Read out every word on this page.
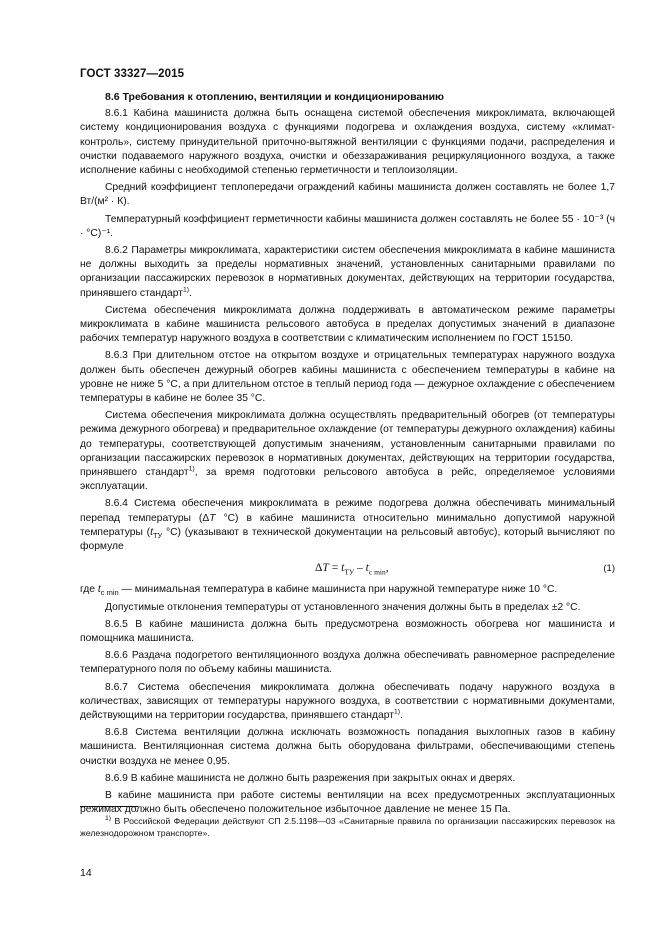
ГОСТ 33327—2015
8.6 Требования к отоплению, вентиляции и кондиционированию

8.6.1 Кабина машиниста должна быть оснащена системой обеспечения микроклимата, включающей систему кондиционирования воздуха с функциями подогрева и охлаждения воздуха, систему «климат-контроль», систему принудительной приточно-вытяжной вентиляции с функциями подачи, распределения и очистки подаваемого наружного воздуха, очистки и обеззараживания рециркуляционного воздуха, а также исполнение кабины с необходимой степенью герметичности и теплоизоляции.

Средний коэффициент теплопередачи ограждений кабины машиниста должен составлять не более 1,7 Вт/(м² · К).

Температурный коэффициент герметичности кабины машиниста должен составлять не более 55 · 10⁻³ (ч · °С)⁻¹.

8.6.2 Параметры микроклимата, характеристики систем обеспечения микроклимата в кабине машиниста не должны выходить за пределы нормативных значений, установленных санитарными правилами по организации пассажирских перевозок в нормативных документах, действующих на территории государства, принявшего стандарт$^{1)}$.

Система обеспечения микроклимата должна поддерживать в автоматическом режиме параметры микроклимата в кабине машиниста рельсового автобуса в пределах допустимых значений в диапазоне рабочих температур наружного воздуха в соответствии с климатическим исполнением по ГОСТ 15150.

8.6.3 При длительном отстое на открытом воздухе и отрицательных температурах наружного воздуха должен быть обеспечен дежурный обогрев кабины машиниста с обеспечением температуры в кабине на уровне не ниже 5 °С, а при длительном отстое в теплый период года — дежурное охлаждение с обеспечением температуры в кабине не более 35 °С.

Система обеспечения микроклимата должна осуществлять предварительный обогрев (от температуры режима дежурного обогрева) и предварительное охлаждение (от температуры дежурного охлаждения) кабины до температуры, соответствующей допустимым значениям, установленным санитарными правилами по организации пассажирских перевозок в нормативных документах, действующих на территории государства, принявшего стандарт$^{1)}$, за время подготовки рельсового автобуса в рейс, определяемое условиями эксплуатации.

8.6.4 Система обеспечения микроклимата в режиме подогрева должна обеспечивать минимальный перепад температуры (ΔT °С) в кабине машиниста относительно минимально допустимой наружной температуры ($t_{ТУ}$ °С) (указывают в технической документации на рельсовый автобус), который вычисляют по формуле

$\Delta T = t_{ТУ} - t_{с min}$,	(1)

где $t_{с min}$ — минимальная температура в кабине машиниста при наружной температуре ниже 10 °С.

Допустимые отклонения температуры от установленного значения должны быть в пределах ±2 °С.

8.6.5 В кабине машиниста должна быть предусмотрена возможность обогрева ног машиниста и помощника машиниста.

8.6.6 Раздача подогретого вентиляционного воздуха должна обеспечивать равномерное распределение температурного поля по объему кабины машиниста.

8.6.7 Система обеспечения микроклимата должна обеспечивать подачу наружного воздуха в количествах, зависящих от температуры наружного воздуха, в соответствии с нормативными документами, действующими на территории государства, принявшего стандарт$^{1)}$.

8.6.8 Система вентиляции должна исключать возможность попадания выхлопных газов в кабину машиниста. Вентиляционная система должна быть оборудована фильтрами, обеспечивающими степень очистки воздуха не менее 0,95.

8.6.9 В кабине машиниста не должно быть разрежения при закрытых окнах и дверях.

В кабине машиниста при работе системы вентиляции на всех предусмотренных эксплуатационных режимах должно быть обеспечено положительное избыточное давление не менее 15 Па.

$^{1)}$ В Российской Федерации действуют СП 2.5.1198—03 «Санитарные правила по организации пассажирских перевозок на железнодорожном транспорте».
14
